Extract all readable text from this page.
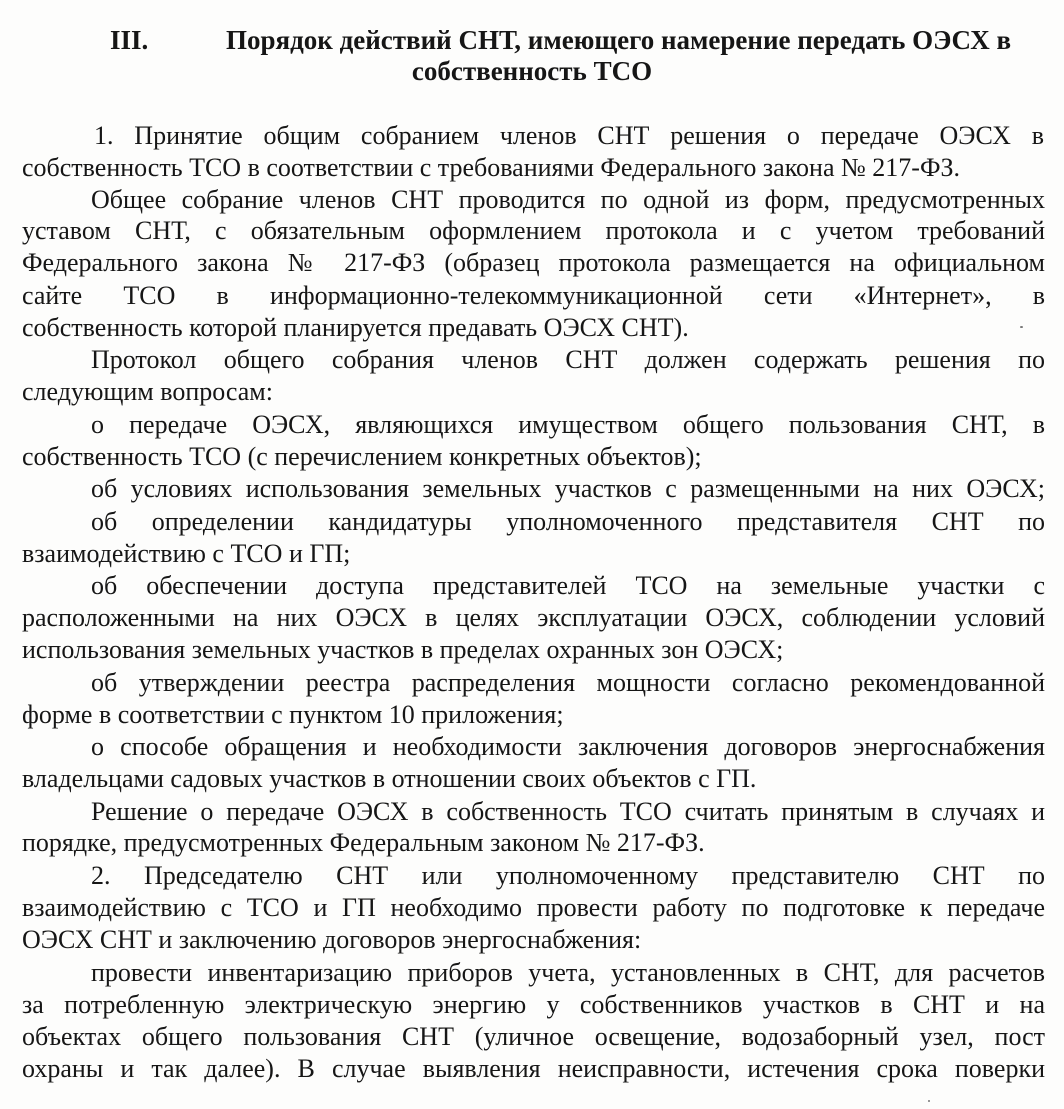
III.	Порядок действий СНТ, имеющего намерение передать ОЭСХ в
собственность ТСО
1. Принятие общим собранием членов СНТ решения о передаче ОЭСХ в
собственность ТСО в соответствии с требованиями Федерального закона № 217-ФЗ.
Общее собрание членов СНТ проводится по одной из форм, предусмотренных
уставом СНТ, с обязательным оформлением протокола и с учетом требований
Федерального закона № 217-ФЗ (образец протокола размещается на официальном
сайте ТСО в информационно-телекоммуникационной сети «Интернет», в
собственность которой планируется предавать ОЭСХ СНТ).
Протокол общего собрания членов СНТ должен содержать решения по
следующим вопросам:
о передаче ОЭСХ, являющихся имуществом общего пользования СНТ, в
собственность ТСО (с перечислением конкретных объектов);
об условиях использования земельных участков с размещенными на них ОЭСХ;
об определении кандидатуры уполномоченного представителя СНТ по
взаимодействию с ТСО и ГП;
об обеспечении доступа представителей ТСО на земельные участки с
расположенными на них ОЭСХ в целях эксплуатации ОЭСХ, соблюдении условий
использования земельных участков в пределах охранных зон ОЭСХ;
об утверждении реестра распределения мощности согласно рекомендованной
форме в соответствии с пунктом 10 приложения;
о способе обращения и необходимости заключения договоров энергоснабжения
владельцами садовых участков в отношении своих объектов с ГП.
Решение о передаче ОЭСХ в собственность ТСО считать принятым в случаях и
порядке, предусмотренных Федеральным законом № 217-ФЗ.
2. Председателю СНТ или уполномоченному представителю СНТ по
взаимодействию с ТСО и ГП необходимо провести работу по подготовке к передаче
ОЭСХ СНТ и заключению договоров энергоснабжения:
провести инвентаризацию приборов учета, установленных в СНТ, для расчетов
за потребленную электрическую энергию у собственников участков в СНТ и на
объектах общего пользования СНТ (уличное освещение, водозаборный узел, пост
охраны и так далее). В случае выявления неисправности, истечения срока поверки
